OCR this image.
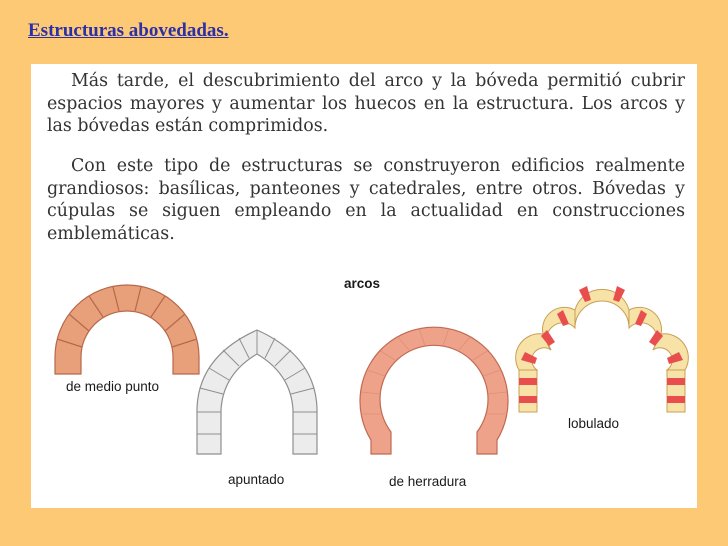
Estructuras abovedadas.

Más tarde, el descubrimiento del arco y la bóveda permitió cubrir espacios mayores y aumentar los huecos en la estructura. Los arcos y las bóvedas están comprimidos.

Con este tipo de estructuras se construyeron edificios realmente grandiosos: basílicas, panteones y catedrales, entre otros. Bóvedas y cúpulas se siguen empleando en la actualidad en construcciones emblemáticas.

arcos
de medio punto
apuntado	de herradura
lobulado
